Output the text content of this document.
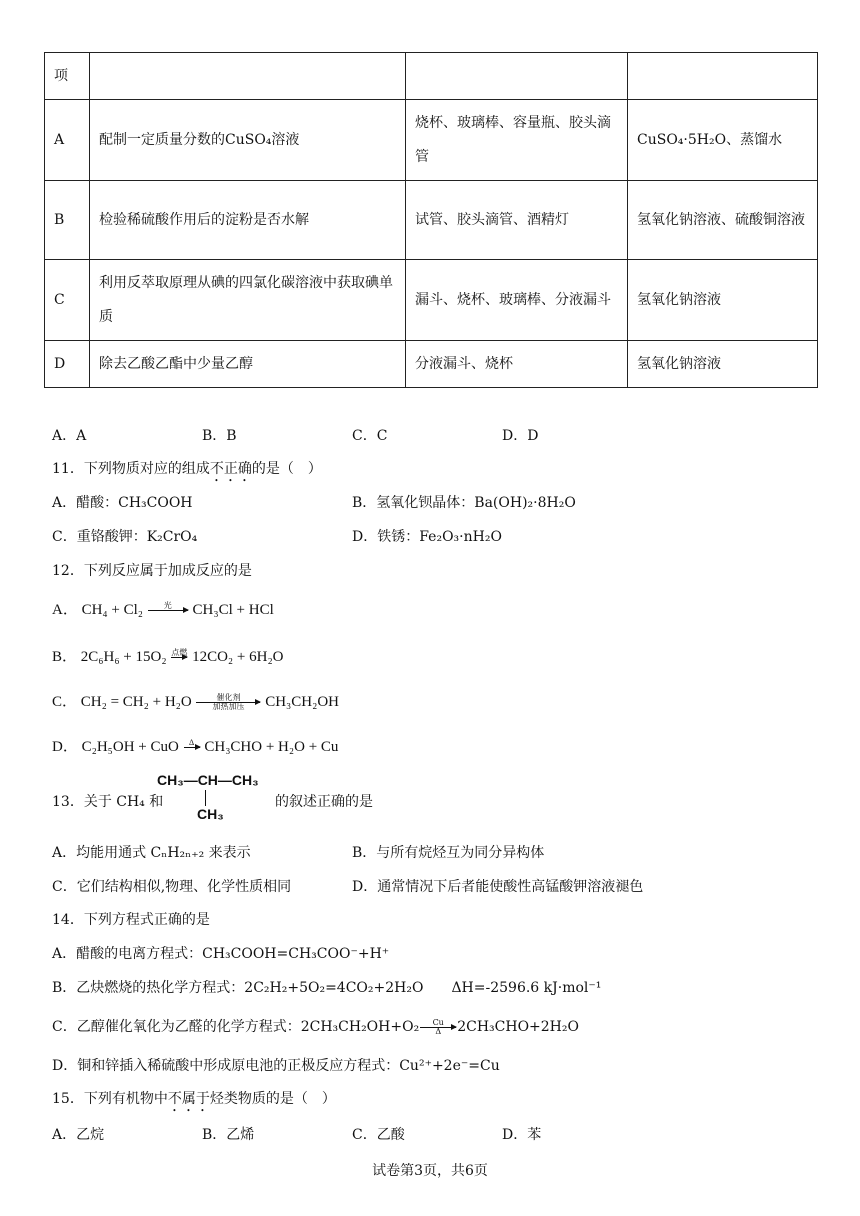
项			
A	配制一定质量分数的CuSO₄溶液	烧杯、玻璃棒、容量瓶、胶头滴管	CuSO₄·5H₂O、蒸馏水
B	检验稀硫酸作用后的淀粉是否水解	试管、胶头滴管、酒精灯	氢氧化钠溶液、硫酸铜溶液
C	利用反萃取原理从碘的四氯化碳溶液中获取碘单质	漏斗、烧杯、玻璃棒、分液漏斗	氢氧化钠溶液
D	除去乙酸乙酯中少量乙醇	分液漏斗、烧杯	氢氧化钠溶液
A．A	B．B	C．C	D．D
11．下列物质对应的组成不正确的是（　）
A．醋酸：CH₃COOH	B．氢氧化钡晶体：Ba(OH)₂·8H₂O
C．重铬酸钾：K₂CrO₄	D．铁锈：Fe₂O₃·nH₂O
12．下列反应属于加成反应的是
A． CH₄ + Cl₂	光	CH₃Cl + HCl
B． 2C₆H₆ + 15O₂ 点燃 12CO₂ + 6H₂O
C． CH₂ = CH₂ + H₂O	催化剂
加热加压	CH₃CH₂OH
D． C₂H₅OH + CuO	Δ CH₃CHO + H₂O + Cu
13．关于 CH₄ 和
CH₃—CH—CH₃
CH₃
的叙述正确的是
A．均能用通式 CₙH₂ₙ₊₂ 来表示	B．与所有烷烃互为同分异构体
C．它们结构相似,物理、化学性质相同	D．通常情况下后者能使酸性高锰酸钾溶液褪色
14．下列方程式正确的是
A．醋酸的电离方程式：CH₃COOH=CH₃COO⁻+H⁺
B．乙炔燃烧的热化学方程式：2C₂H₂+5O₂=4CO₂+2H₂O　　ΔH=-2596.6 kJ·mol⁻¹
C．乙醇催化氧化为乙醛的化学方程式：$2CH_3CH_2OH+O_2 \frac{Cu}{\Delta} 2CH_3CHO+2H_2O$
D．铜和锌插入稀硫酸中形成原电池的正极反应方程式：Cu²⁺+2e⁻=Cu
15．下列有机物中不属于烃类物质的是（　）
A．乙烷	B．乙烯	C．乙酸	D．苯
试卷第3页，共6页
